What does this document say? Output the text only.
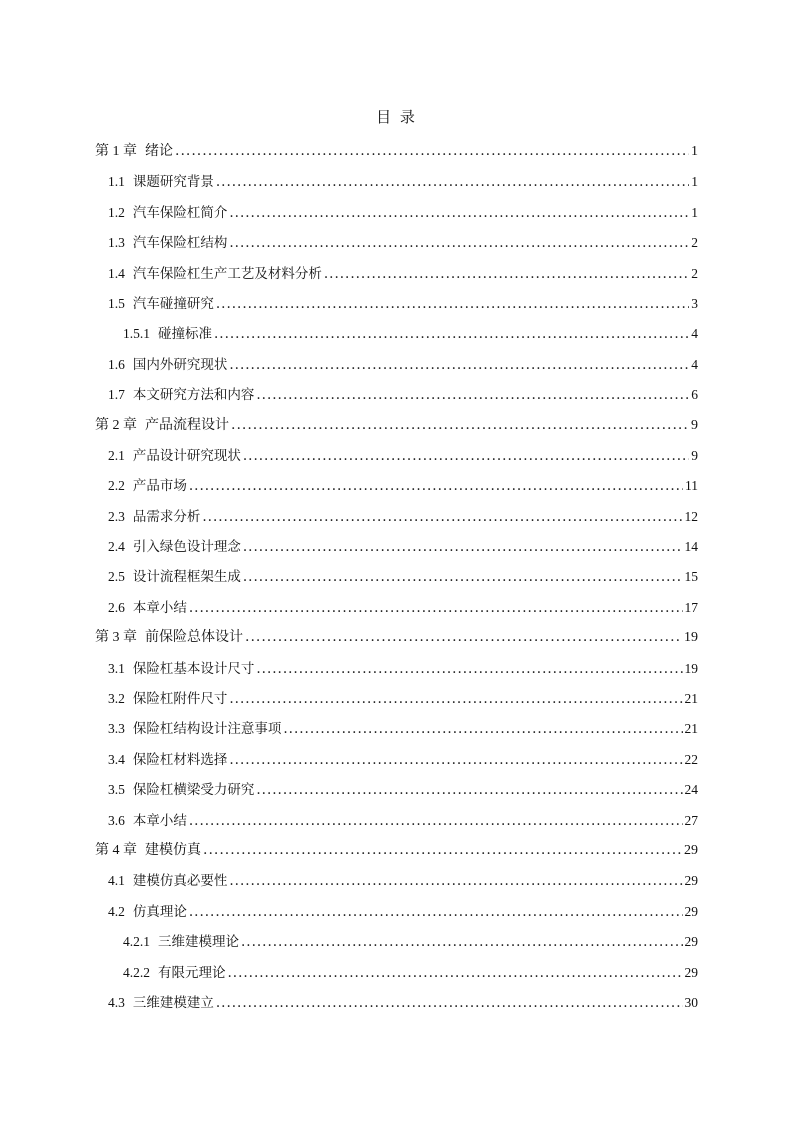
目 录
第 1 章 绪论 .....	1
1.1 课题研究背景 .....	1
1.2 汽车保险杠简介 .....	1
1.3 汽车保险杠结构 .....	2
1.4 汽车保险杠生产工艺及材料分析 .....	2
1.5 汽车碰撞研究 .....	3
1.5.1 碰撞标准 .....	4
1.6 国内外研究现状 .....	4
1.7 本文研究方法和内容 .....	6
第 2 章 产品流程设计 .....	9
2.1 产品设计研究现状 .....	9
2.2 产品市场 .....	11
2.3 品需求分析 .....	12
2.4 引入绿色设计理念 .....	14
2.5 设计流程框架生成 .....	15
2.6 本章小结 .....	17
第 3 章 前保险总体设计 .....	19
3.1 保险杠基本设计尺寸 .....	19
3.2 保险杠附件尺寸 .....	21
3.3 保险杠结构设计注意事项 .....	21
3.4 保险杠材料选择 .....	22
3.5 保险杠横梁受力研究 .....	24
3.6 本章小结 .....	27
第 4 章 建模仿真 .....	29
4.1 建模仿真必要性 .....	29
4.2 仿真理论 .....	29
4.2.1 三维建模理论 .....	29
4.2.2 有限元理论 .....	29
4.3 三维建模建立 .....	30
